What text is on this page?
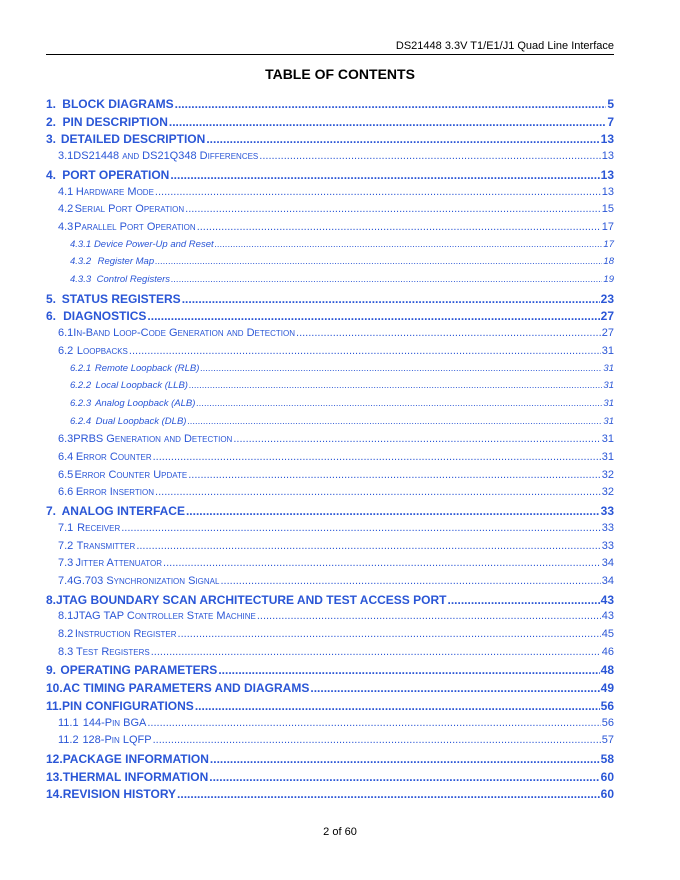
DS21448 3.3V T1/E1/J1 Quad Line Interface
TABLE OF CONTENTS
1. BLOCK DIAGRAMS .....	5
2. PIN DESCRIPTION .....	7
3. DETAILED DESCRIPTION .....	13
3.1 DS21448 and DS21Q348 Differences .....	13
4. PORT OPERATION .....	13
4.1 Hardware Mode .....	13
4.2 Serial Port Operation .....	15
4.3 Parallel Port Operation .....	17
4.3.1 Device Power-Up and Reset .....	17
4.3.2 Register Map .....	18
4.3.3 Control Registers .....	19
5. STATUS REGISTERS .....	23
6. DIAGNOSTICS .....	27
6.1 In-Band Loop-Code Generation and Detection .....	27
6.2 Loopbacks .....	31
6.2.1 Remote Loopback (RLB) .....	31
6.2.2 Local Loopback (LLB) .....	31
6.2.3 Analog Loopback (ALB) .....	31
6.2.4 Dual Loopback (DLB) .....	31
6.3 PRBS Generation and Detection .....	31
6.4 Error Counter .....	31
6.5 Error Counter Update .....	32
6.6 Error Insertion .....	32
7. ANALOG INTERFACE .....	33
7.1 Receiver .....	33
7.2 Transmitter .....	33
7.3 Jitter Attenuator .....	34
7.4 G.703 Synchronization Signal .....	34
8. JTAG BOUNDARY SCAN ARCHITECTURE AND TEST ACCESS PORT .....	43
8.1 JTAG TAP Controller State Machine .....	43
8.2 Instruction Register .....	45
8.3 Test Registers .....	46
9. OPERATING PARAMETERS .....	48
10. AC TIMING PARAMETERS AND DIAGRAMS .....	49
11. PIN CONFIGURATIONS .....	56
11.1 144-Pin BGA .....	56
11.2 128-Pin LQFP .....	57
12. PACKAGE INFORMATION .....	58
13. THERMAL INFORMATION .....	60
14. REVISION HISTORY .....	60
2 of 60
